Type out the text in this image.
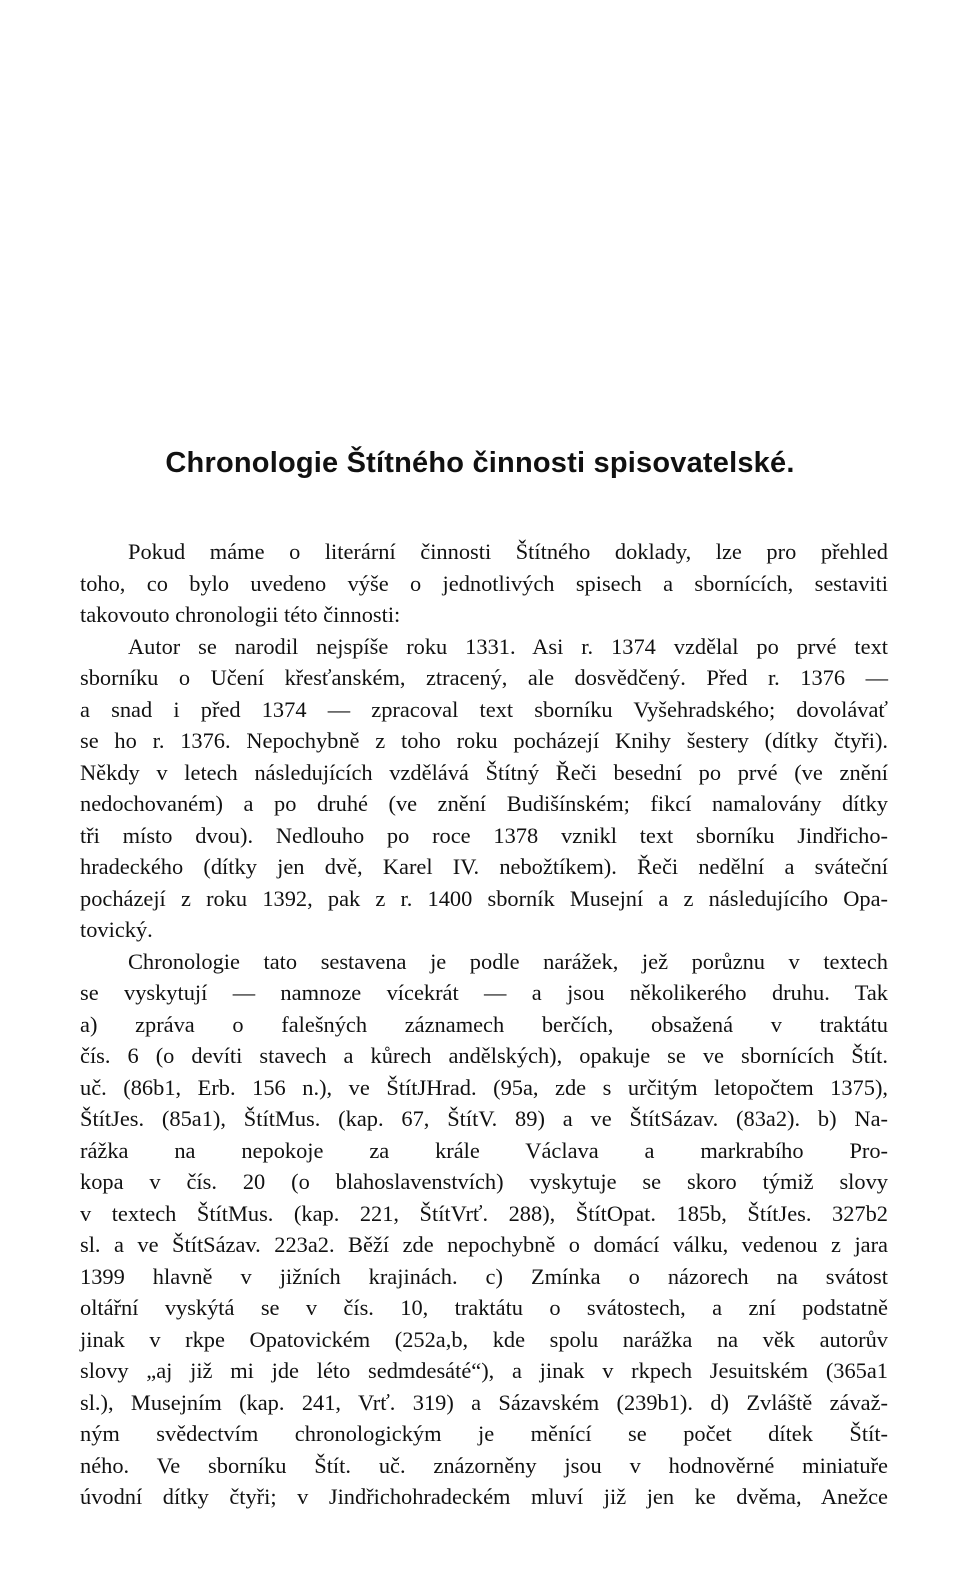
Chronologie Štítného činnosti spisovatelské.
Pokud máme o literární činnosti Štítného doklady, lze pro přehled
toho, co bylo uvedeno výše o jednotlivých spisech a sbornících, sestaviti
takovouto chronologii této činnosti:
Autor se narodil nejspíše roku 1331. Asi r. 1374 vzdělal po prvé text
sborníku o Učení křesťanském, ztracený, ale dosvědčený. Před r. 1376 —
a snad i před 1374 — zpracoval text sborníku Vyšehradského; dovolávať
se ho r. 1376. Nepochybně z toho roku pocházejí Knihy šestery (dítky čtyři).
Někdy v letech následujících vzdělává Štítný Řeči besední po prvé (ve znění
nedochovaném) a po druhé (ve znění Budišínském; fikcí namalovány dítky
tři místo dvou). Nedlouho po roce 1378 vznikl text sborníku Jindřicho-
hradeckého (dítky jen dvě, Karel IV. nebožtíkem). Řeči nedělní a sváteční
pocházejí z roku 1392, pak z r. 1400 sborník Musejní a z následujícího Opa-
tovický.
Chronologie tato sestavena je podle narážek, jež porůznu v textech
se vyskytují — namnoze vícekrát — a jsou několikerého druhu. Tak
a) zpráva o falešných záznamech berčích, obsažená v traktátu
čís. 6 (o devíti stavech a kůrech andělských), opakuje se ve sbornících Štít.
uč. (86b1, Erb. 156 n.), ve ŠtítJHrad. (95a, zde s určitým letopočtem 1375),
ŠtítJes. (85a1), ŠtítMus. (kap. 67, ŠtítV. 89) a ve ŠtítSázav. (83a2). b) Na-
rážka na nepokoje za krále Václava a markrabího Pro-
kopa v čís. 20 (o blahoslavenstvích) vyskytuje se skoro týmiž slovy
v textech ŠtítMus. (kap. 221, ŠtítVrť. 288), ŠtítOpat. 185b, ŠtítJes. 327b2
sl. a ve ŠtítSázav. 223a2. Běží zde nepochybně o domácí válku, vedenou z jara
1399 hlavně v jižních krajinách. c) Zmínka o názorech na svátost
oltářní vyskýtá se v čís. 10, traktátu o svátostech, a zní podstatně
jinak v rkpe Opatovickém (252a,b, kde spolu narážka na věk autorův
slovy „aj již mi jde léto sedmdesáté“), a jinak v rkpech Jesuitském (365a1
sl.), Musejním (kap. 241, Vrť. 319) a Sázavském (239b1). d) Zvláště závaž-
ným svědectvím chronologickým je měnící se počet dítek Štít-
ného. Ve sborníku Štít. uč. znázorněny jsou v hodnověrné miniatuře
úvodní dítky čtyři; v Jindřichohradeckém mluví již jen ke dvěma, Anežce
